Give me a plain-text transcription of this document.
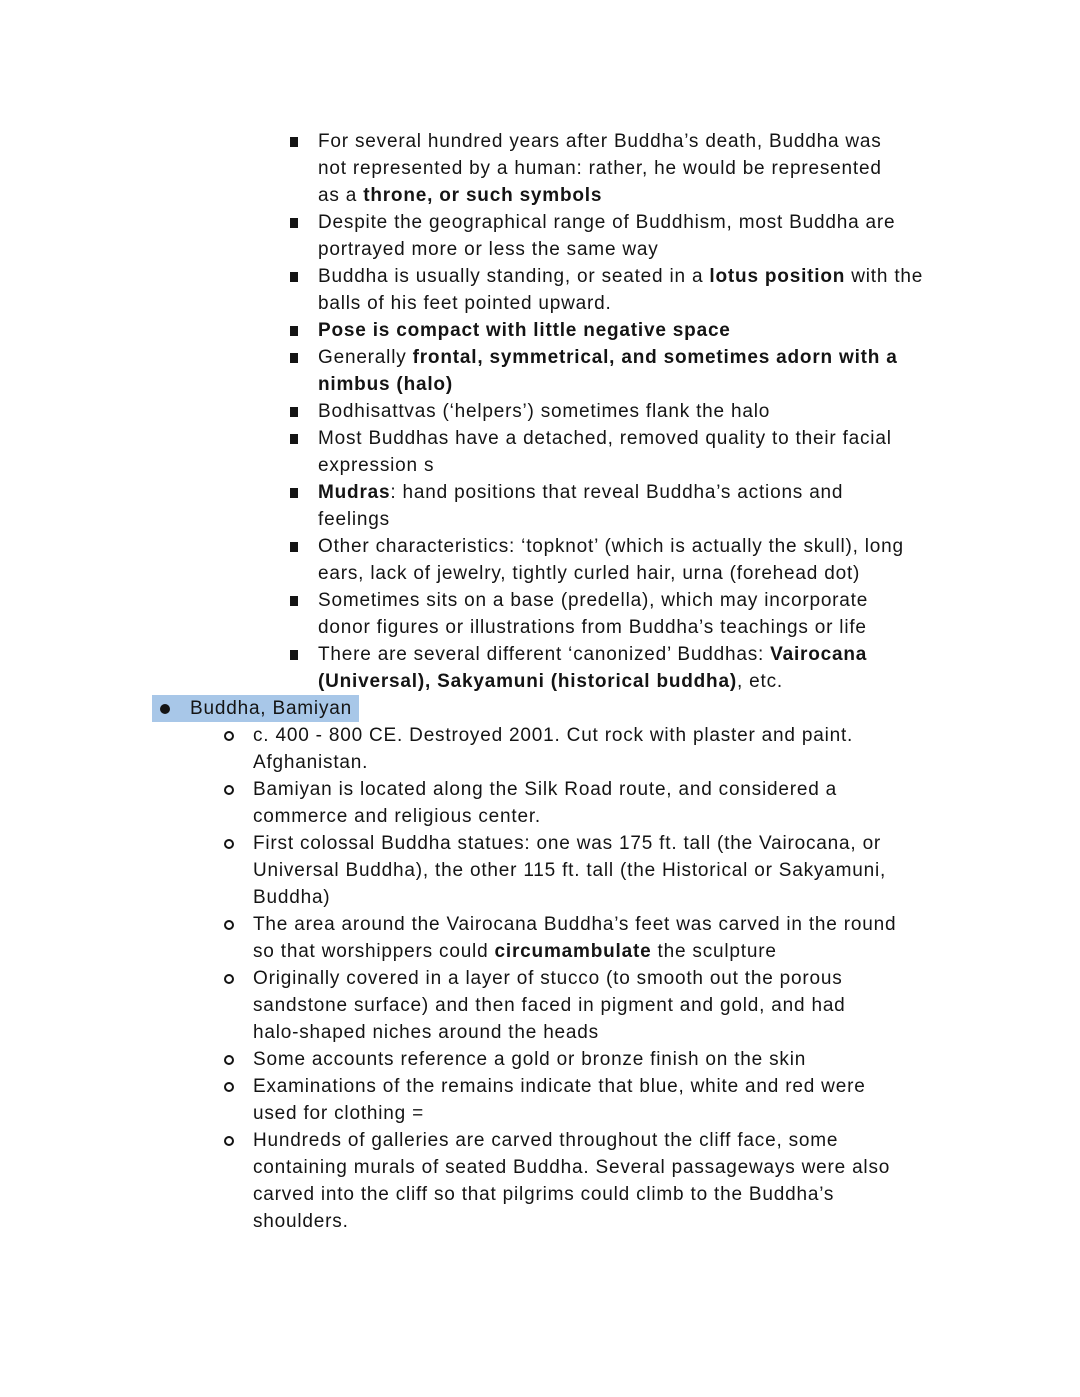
For several hundred years after Buddha’s death, Buddha was
not represented by a human: rather, he would be represented
as a throne, or such symbols
Despite the geographical range of Buddhism, most Buddha are
portrayed more or less the same way
Buddha is usually standing, or seated in a lotus position with the
balls of his feet pointed upward.
Pose is compact with little negative space
Generally frontal, symmetrical, and sometimes adorn with a
nimbus (halo)
Bodhisattvas (‘helpers’) sometimes flank the halo
Most Buddhas have a detached, removed quality to their facial
expression s
Mudras: hand positions that reveal Buddha’s actions and
feelings
Other characteristics: ‘topknot’ (which is actually the skull), long
ears, lack of jewelry, tightly curled hair, urna (forehead dot)
Sometimes sits on a base (predella), which may incorporate
donor figures or illustrations from Buddha’s teachings or life
There are several different ‘canonized’ Buddhas: Vairocana
(Universal), Sakyamuni (historical buddha), etc.
Buddha, Bamiyan
c. 400 - 800 CE. Destroyed 2001. Cut rock with plaster and paint.
Afghanistan.
Bamiyan is located along the Silk Road route, and considered a
commerce and religious center.
First colossal Buddha statues: one was 175 ft. tall (the Vairocana, or
Universal Buddha), the other 115 ft. tall (the Historical or Sakyamuni,
Buddha)
The area around the Vairocana Buddha’s feet was carved in the round
so that worshippers could circumambulate the sculpture
Originally covered in a layer of stucco (to smooth out the porous
sandstone surface) and then faced in pigment and gold, and had
halo-shaped niches around the heads
Some accounts reference a gold or bronze finish on the skin
Examinations of the remains indicate that blue, white and red were
used for clothing =
Hundreds of galleries are carved throughout the cliff face, some
containing murals of seated Buddha. Several passageways were also
carved into the cliff so that pilgrims could climb to the Buddha’s
shoulders.
